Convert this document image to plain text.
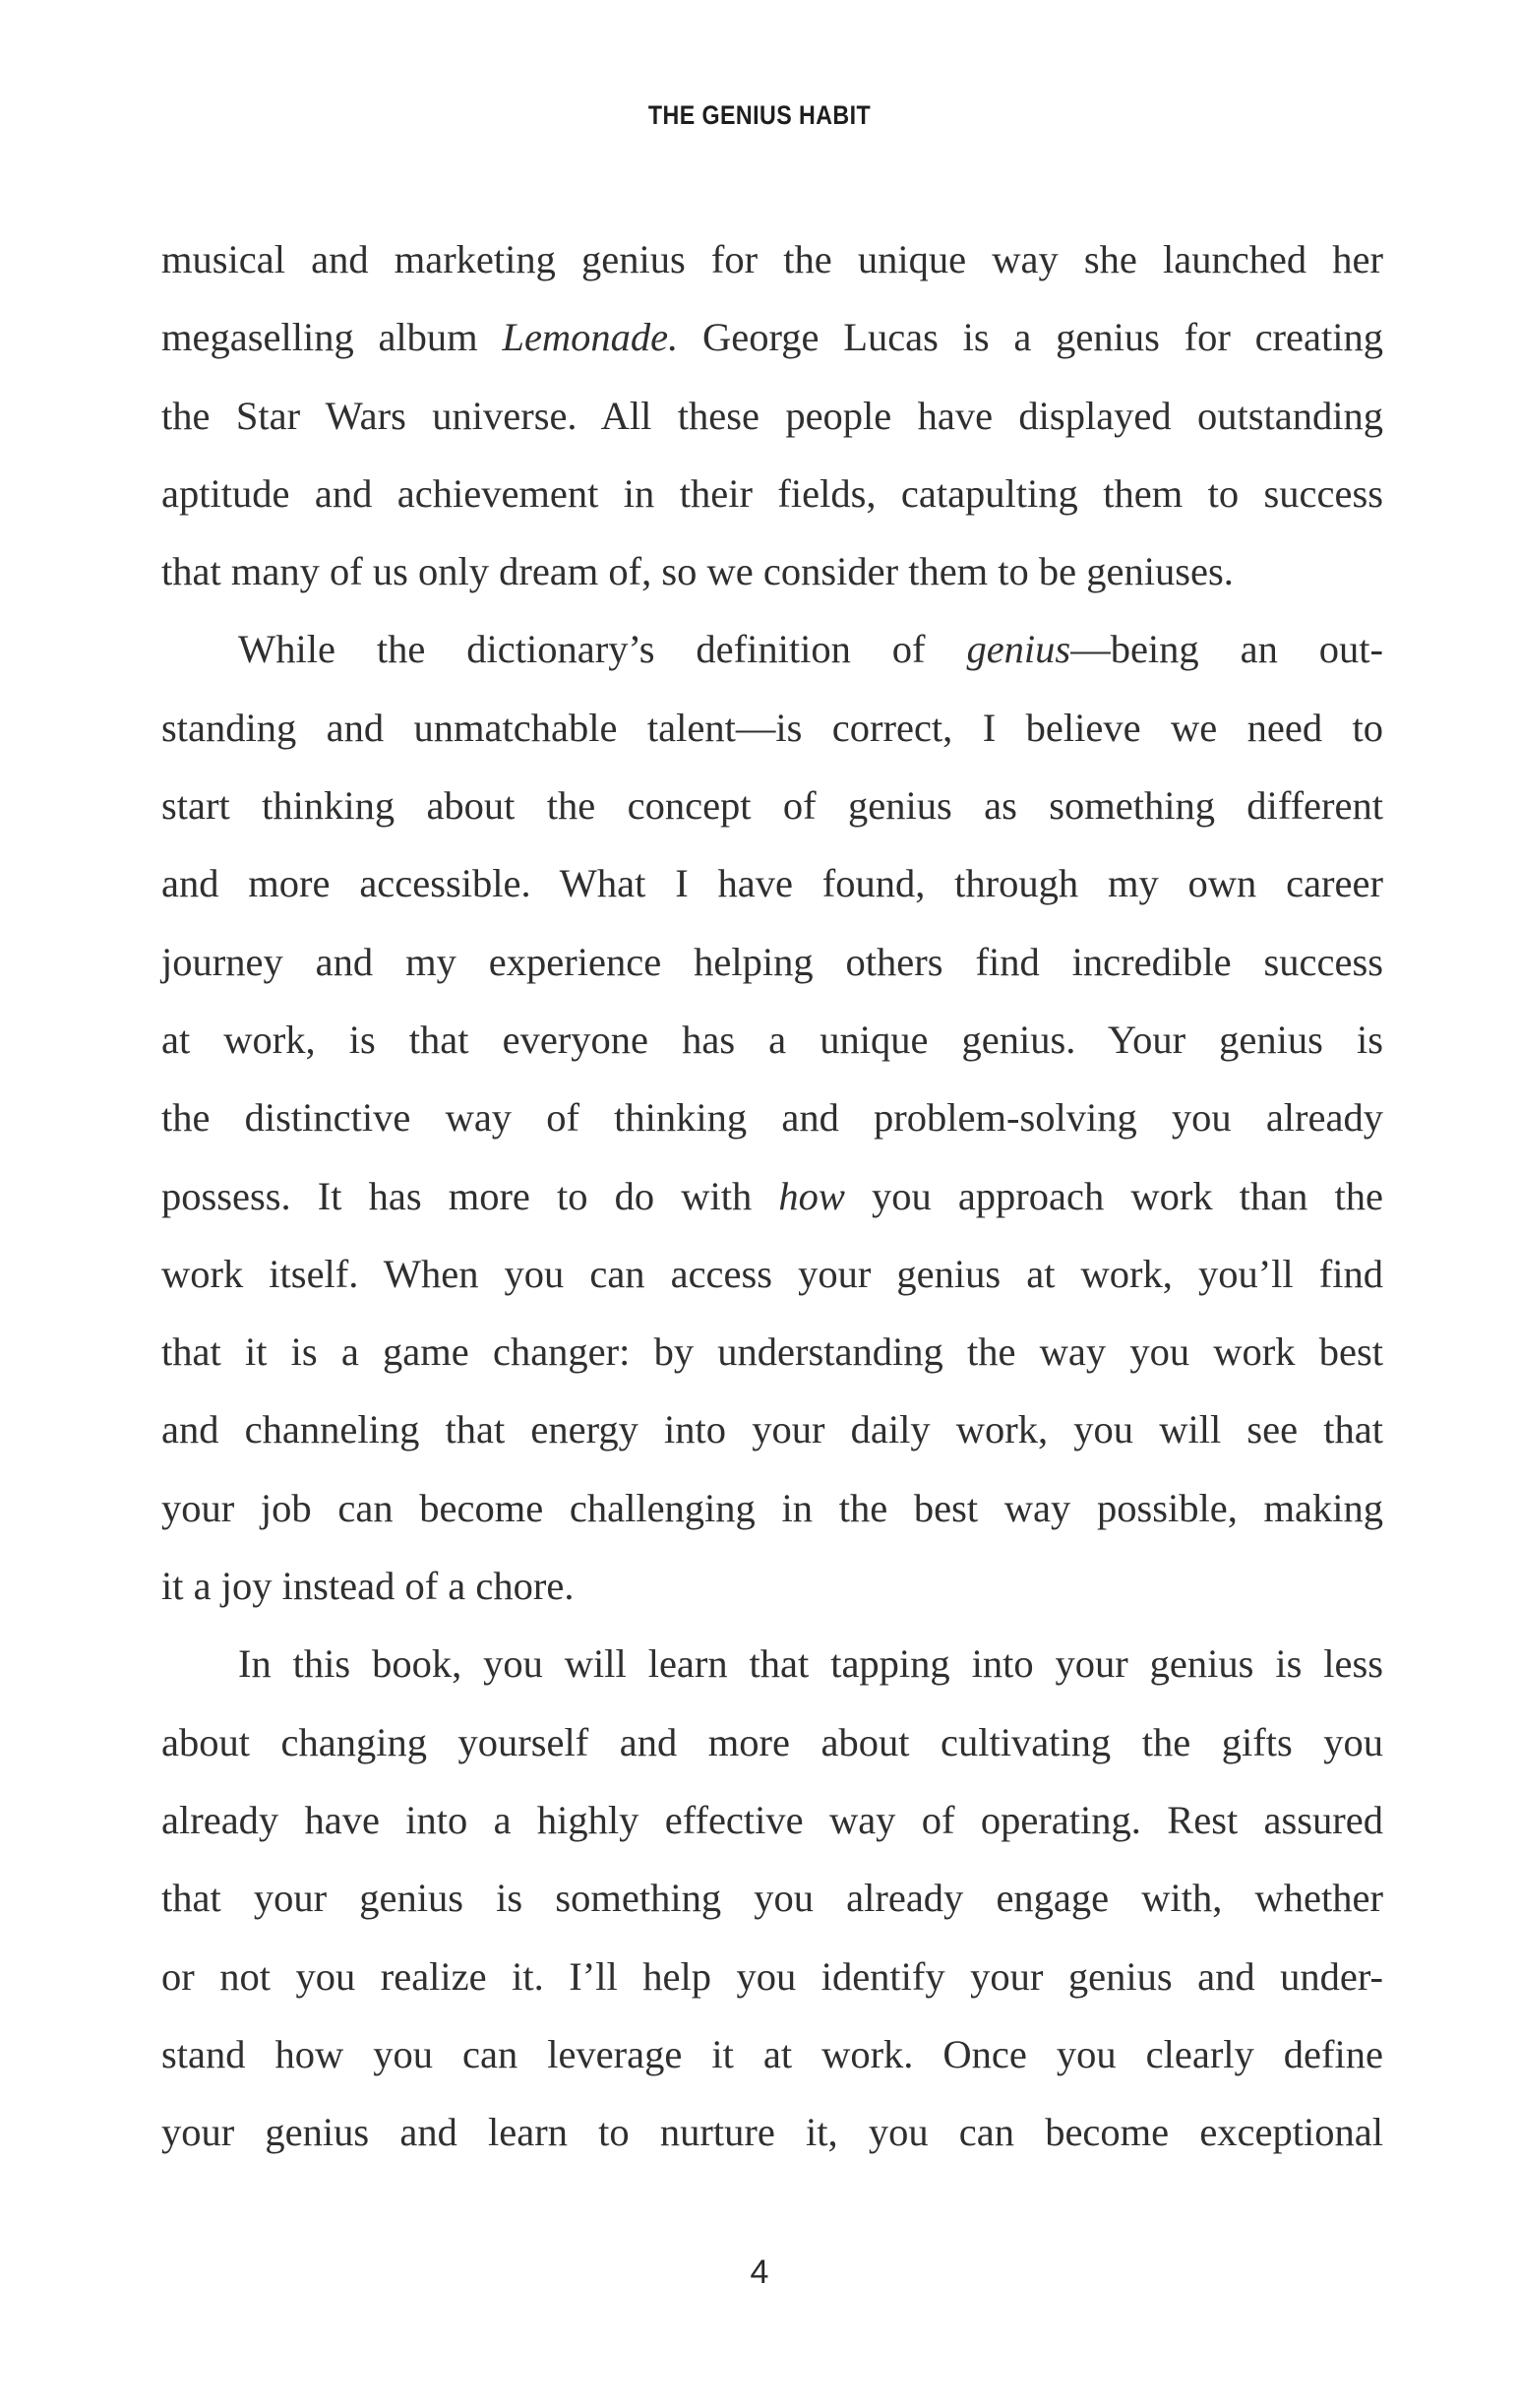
THE GENIUS HABIT
musical and marketing genius for the unique way she launched her
megaselling album Lemonade. George Lucas is a genius for creating
the Star Wars universe. All these people have displayed outstanding
aptitude and achievement in their fields, catapulting them to success
that many of us only dream of, so we consider them to be geniuses.
While the dictionary’s definition of genius—being an out-
standing and unmatchable talent—is correct, I believe we need to
start thinking about the concept of genius as something different
and more accessible. What I have found, through my own career
journey and my experience helping others find incredible success
at work, is that everyone has a unique genius. Your genius is
the distinctive way of thinking and problem-solving you already
possess. It has more to do with how you approach work than the
work itself. When you can access your genius at work, you’ll find
that it is a game changer: by understanding the way you work best
and channeling that energy into your daily work, you will see that
your job can become challenging in the best way possible, making
it a joy instead of a chore.
In this book, you will learn that tapping into your genius is less
about changing yourself and more about cultivating the gifts you
already have into a highly effective way of operating. Rest assured
that your genius is something you already engage with, whether
or not you realize it. I’ll help you identify your genius and under-
stand how you can leverage it at work. Once you clearly define
your genius and learn to nurture it, you can become exceptional
4
